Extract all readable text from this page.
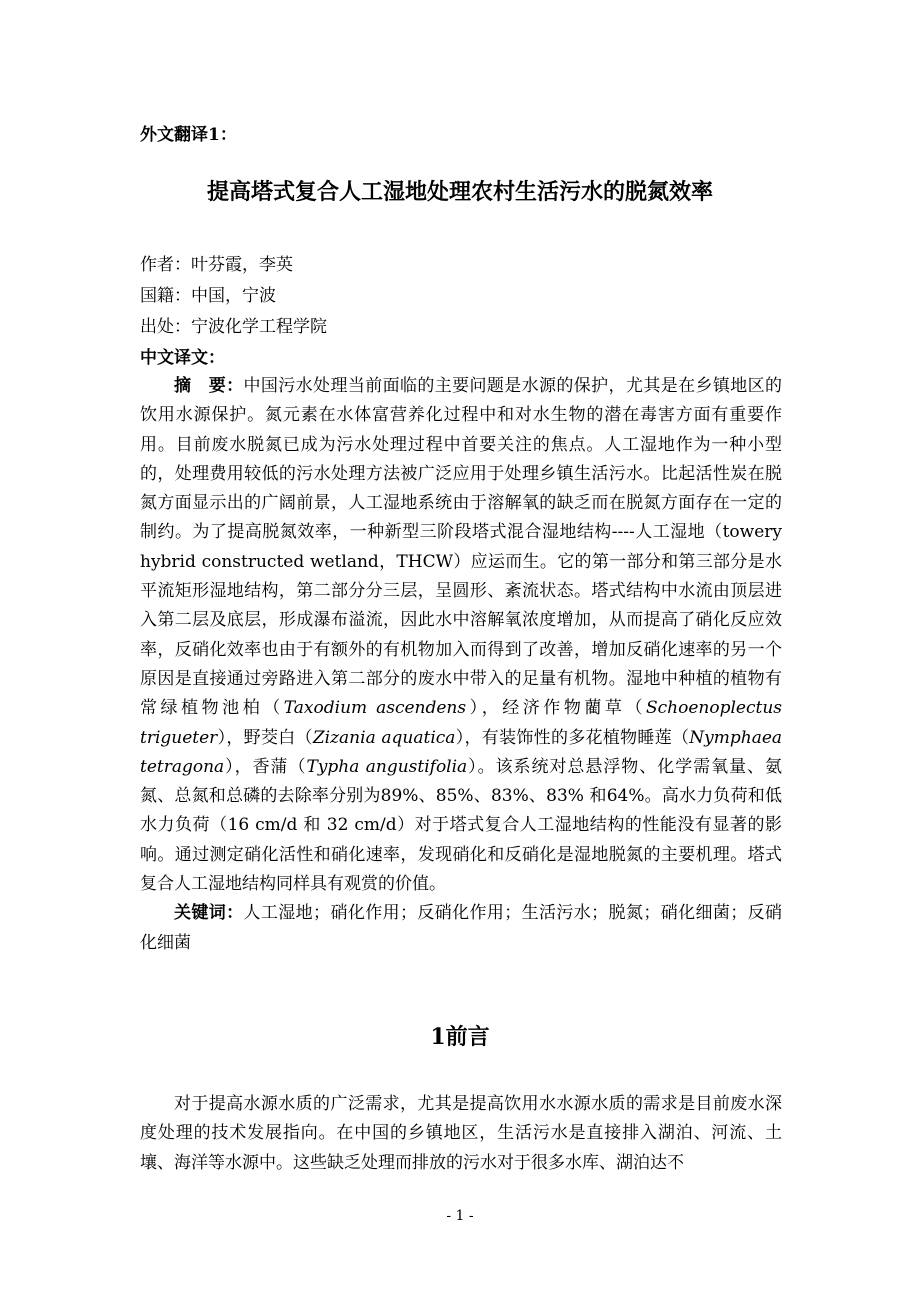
外文翻译1：
提高塔式复合人工湿地处理农村生活污水的脱氮效率
作者：叶芬霞，李英
国籍：中国，宁波
出处：宁波化学工程学院
中文译文：

摘　要：中国污水处理当前面临的主要问题是水源的保护，尤其是在乡镇地区的饮用水源保护。氮元素在水体富营养化过程中和对水生物的潜在毒害方面有重要作用。目前废水脱氮已成为污水处理过程中首要关注的焦点。人工湿地作为一种小型的，处理费用较低的污水处理方法被广泛应用于处理乡镇生活污水。比起活性炭在脱氮方面显示出的广阔前景，人工湿地系统由于溶解氧的缺乏而在脱氮方面存在一定的制约。为了提高脱氮效率，一种新型三阶段塔式混合湿地结构----人工湿地（towery hybrid constructed wetland，THCW）应运而生。它的第一部分和第三部分是水平流矩形湿地结构，第二部分分三层，呈圆形、紊流状态。塔式结构中水流由顶层进入第二层及底层，形成瀑布溢流，因此水中溶解氧浓度增加，从而提高了硝化反应效率，反硝化效率也由于有额外的有机物加入而得到了改善，增加反硝化速率的另一个原因是直接通过旁路进入第二部分的废水中带入的足量有机物。湿地中种植的植物有常绿植物池柏（Taxodium ascendens），经济作物藺草（Schoenoplectus trigueter），野茭白（Zizania aquatica），有装饰性的多花植物睡莲（Nymphaea tetragona），香蒲（Typha angustifolia）。该系统对总悬浮物、化学需氧量、氨氮、总氮和总磷的去除率分别为89%、85%、83%、83% 和64%。高水力负荷和低水力负荷（16 cm/d 和 32 cm/d）对于塔式复合人工湿地结构的性能没有显著的影响。通过测定硝化活性和硝化速率，发现硝化和反硝化是湿地脱氮的主要机理。塔式复合人工湿地结构同样具有观赏的价值。

关键词：人工湿地；硝化作用；反硝化作用；生活污水；脱氮；硝化细菌；反硝化细菌

1前言

对于提高水源水质的广泛需求，尤其是提高饮用水水源水质的需求是目前废水深度处理的技术发展指向。在中国的乡镇地区，生活污水是直接排入湖泊、河流、土壤、海洋等水源中。这些缺乏处理而排放的污水对于很多水库、湖泊达不

- 1 -
